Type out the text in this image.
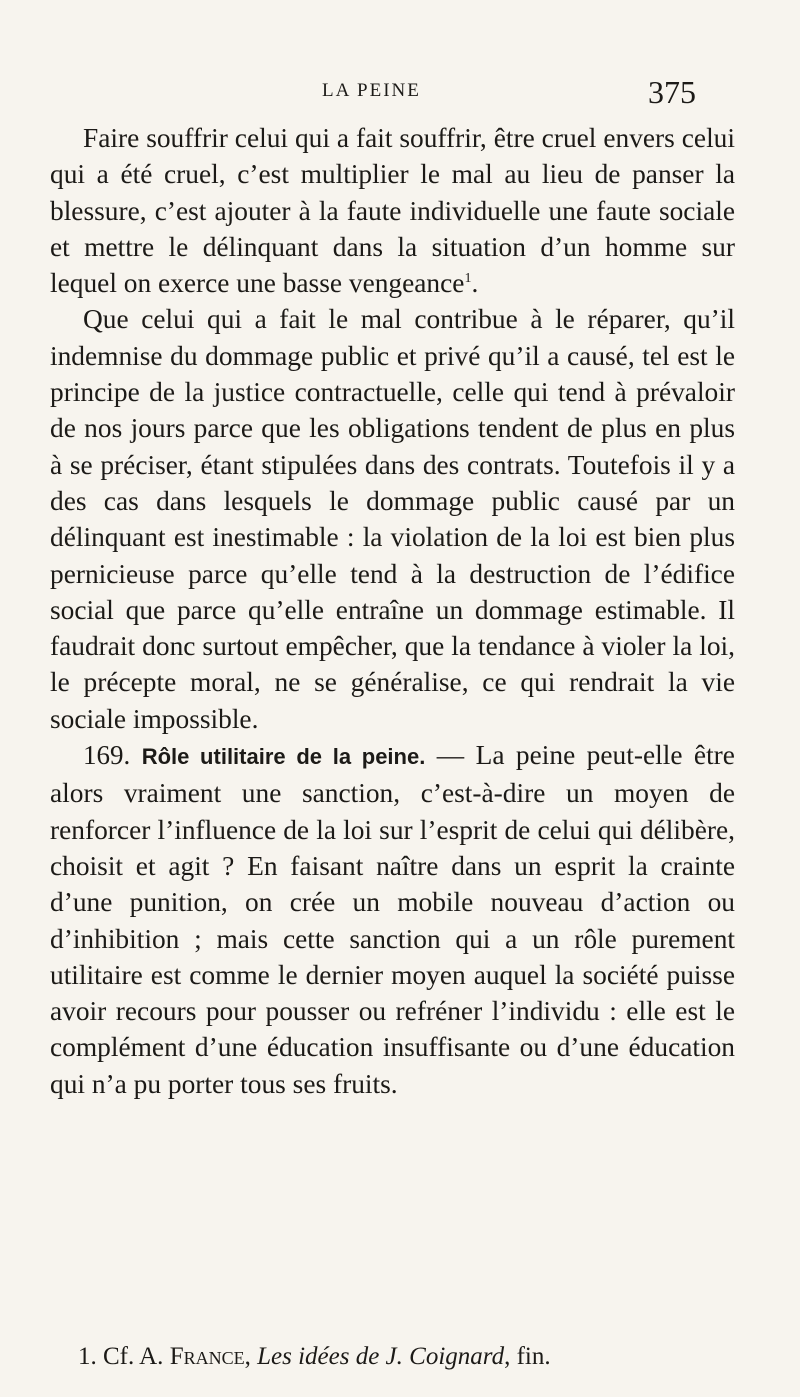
LA PEINE	375

Faire souffrir celui qui a fait souffrir, être cruel envers celui qui a été cruel, c’est multiplier le mal au lieu de panser la blessure, c’est ajouter à la faute individuelle une faute sociale et mettre le délinquant dans la situation d’un homme sur lequel on exerce une basse vengeance$^1$.

Que celui qui a fait le mal contribue à le réparer, qu’il indemnise du dommage public et privé qu’il a causé, tel est le principe de la justice contractuelle, celle qui tend à prévaloir de nos jours parce que les obligations tendent de plus en plus à se préciser, étant stipulées dans des contrats. Toutefois il y a des cas dans lesquels le dommage public causé par un délinquant est inestimable : la violation de la loi est bien plus pernicieuse parce qu’elle tend à la destruction de l’édifice social que parce qu’elle entraîne un dommage estimable. Il faudrait donc surtout empêcher, que la tendance à violer la loi, le précepte moral, ne se généralise, ce qui rendrait la vie sociale impossible.

169. Rôle utilitaire de la peine. — La peine peut-elle être alors vraiment une sanction, c’est-à-dire un moyen de renforcer l’influence de la loi sur l’esprit de celui qui délibère, choisit et agit ? En faisant naître dans un esprit la crainte d’une punition, on crée un mobile nouveau d’action ou d’inhibition ; mais cette sanction qui a un rôle purement utilitaire est comme le dernier moyen auquel la société puisse avoir recours pour pousser ou refréner l’individu : elle est le complément d’une éducation insuffisante ou d’une éducation qui n’a pu porter tous ses fruits.

1. Cf. A. France, Les idées de J. Coignard, fin.
